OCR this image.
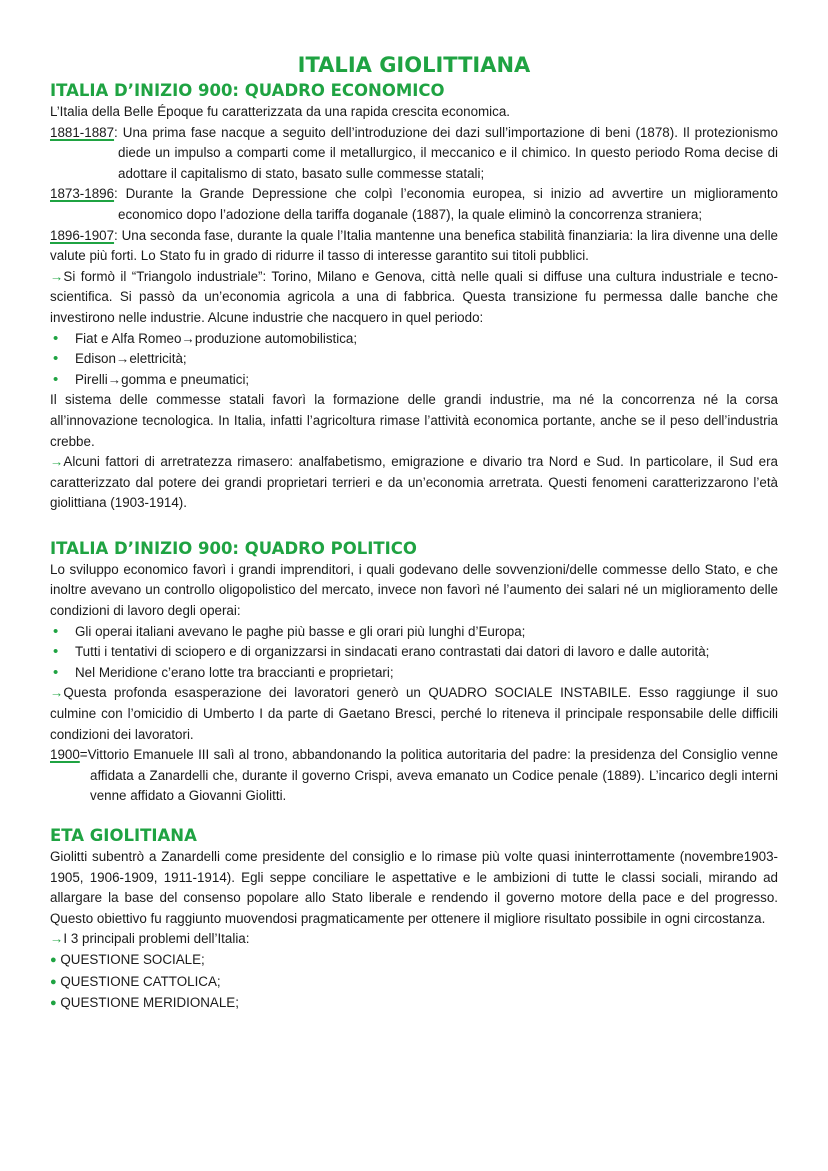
ITALIA GIOLITTIANA
ITALIA D’INIZIO 900: QUADRO ECONOMICO

L’Italia della Belle Époque fu caratterizzata da una rapida crescita economica.

1881-1887: Una prima fase nacque a seguito dell’introduzione dei dazi sull’importazione di beni (1878). Il protezionismo diede un impulso a comparti come il metallurgico, il meccanico e il chimico. In questo periodo Roma decise di adottare il capitalismo di stato, basato sulle commesse statali;

1873-1896: Durante la Grande Depressione che colpì l’economia europea, si inizio ad avvertire un miglioramento economico dopo l’adozione della tariffa doganale (1887), la quale eliminò la concorrenza straniera;

1896-1907: Una seconda fase, durante la quale l’Italia mantenne una benefica stabilità finanziaria: la lira divenne una delle valute più forti. Lo Stato fu in grado di ridurre il tasso di interesse garantito sui titoli pubblici.

→Si formò il “Triangolo industriale”: Torino, Milano e Genova, città nelle quali si diffuse una cultura industriale e tecno-scientifica. Si passò da un’economia agricola a una di fabbrica. Questa transizione fu permessa dalle banche che investirono nelle industrie. Alcune industrie che nacquero in quel periodo:

• Fiat e Alfa Romeo→produzione automobilistica;
• Edison→elettricità;
• Pirelli→gomma e pneumatici;

Il sistema delle commesse statali favorì la formazione delle grandi industrie, ma né la concorrenza né la corsa all’innovazione tecnologica. In Italia, infatti l’agricoltura rimase l’attività economica portante, anche se il peso dell’industria crebbe.

→Alcuni fattori di arretratezza rimasero: analfabetismo, emigrazione e divario tra Nord e Sud. In particolare, il Sud era caratterizzato dal potere dei grandi proprietari terrieri e da un’economia arretrata. Questi fenomeni caratterizzarono l’età giolittiana (1903-1914).

ITALIA D’INIZIO 900: QUADRO POLITICO

Lo sviluppo economico favorì i grandi imprenditori, i quali godevano delle sovvenzioni/delle commesse dello Stato, e che inoltre avevano un controllo oligopolistico del mercato, invece non favorì né l’aumento dei salari né un miglioramento delle condizioni di lavoro degli operai:

• Gli operai italiani avevano le paghe più basse e gli orari più lunghi d’Europa;
• Tutti i tentativi di sciopero e di organizzarsi in sindacati erano contrastati dai datori di lavoro e dalle autorità;
• Nel Meridione c’erano lotte tra braccianti e proprietari;

→Questa profonda esasperazione dei lavoratori generò un QUADRO SOCIALE INSTABILE. Esso raggiunge il suo culmine con l’omicidio di Umberto I da parte di Gaetano Bresci, perché lo riteneva il principale responsabile delle difficili condizioni dei lavoratori.

1900=Vittorio Emanuele III salì al trono, abbandonando la politica autoritaria del padre: la presidenza del Consiglio venne affidata a Zanardelli che, durante il governo Crispi, aveva emanato un Codice penale (1889). L’incarico degli interni venne affidato a Giovanni Giolitti.

ETA GIOLITIANA

Giolitti subentrò a Zanardelli come presidente del consiglio e lo rimase più volte quasi ininterrottamente (novembre1903-1905, 1906-1909, 1911-1914). Egli seppe conciliare le aspettative e le ambizioni di tutte le classi sociali, mirando ad allargare la base del consenso popolare allo Stato liberale e rendendo il governo motore della pace e del progresso. Questo obiettivo fu raggiunto muovendosi pragmaticamente per ottenere il migliore risultato possibile in ogni circostanza.

→I 3 principali problemi dell’Italia:

● QUESTIONE SOCIALE;
● QUESTIONE CATTOLICA;
● QUESTIONE MERIDIONALE;
